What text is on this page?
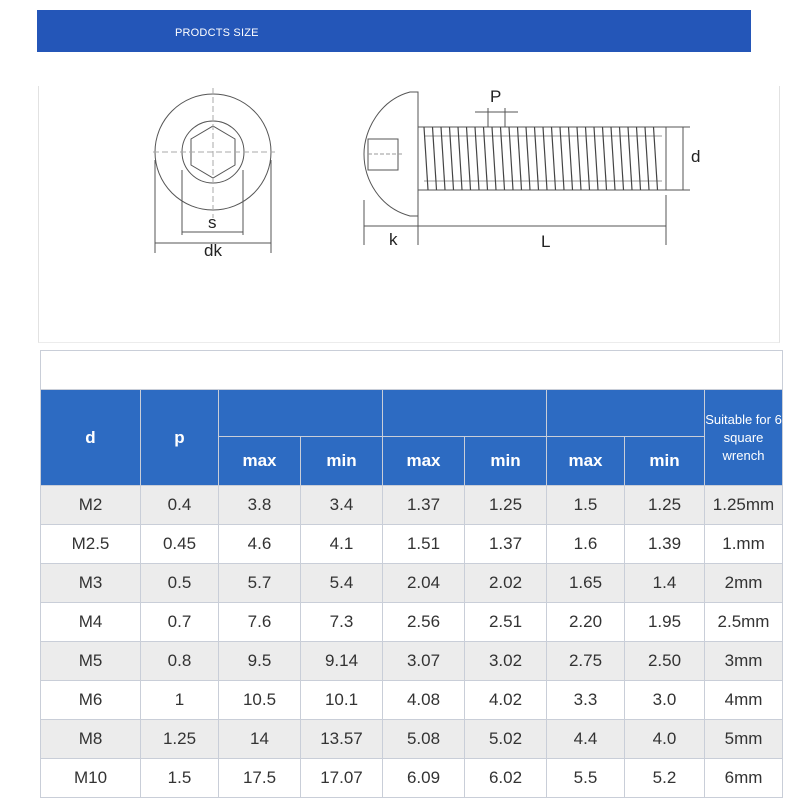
PRODCTS SIZE
s
dk
k	L
P
d

d	p							Suitable for 6 square wrench
		max	min	max	min	max	min	
M2	0.4	3.8	3.4	1.37	1.25	1.5	1.25	1.25mm
M2.5	0.45	4.6	4.1	1.51	1.37	1.6	1.39	1.mm
M3	0.5	5.7	5.4	2.04	2.02	1.65	1.4	2mm
M4	0.7	7.6	7.3	2.56	2.51	2.20	1.95	2.5mm
M5	0.8	9.5	9.14	3.07	3.02	2.75	2.50	3mm
M6	1	10.5	10.1	4.08	4.02	3.3	3.0	4mm
M8	1.25	14	13.57	5.08	5.02	4.4	4.0	5mm
M10	1.5	17.5	17.07	6.09	6.02	5.5	5.2	6mm
